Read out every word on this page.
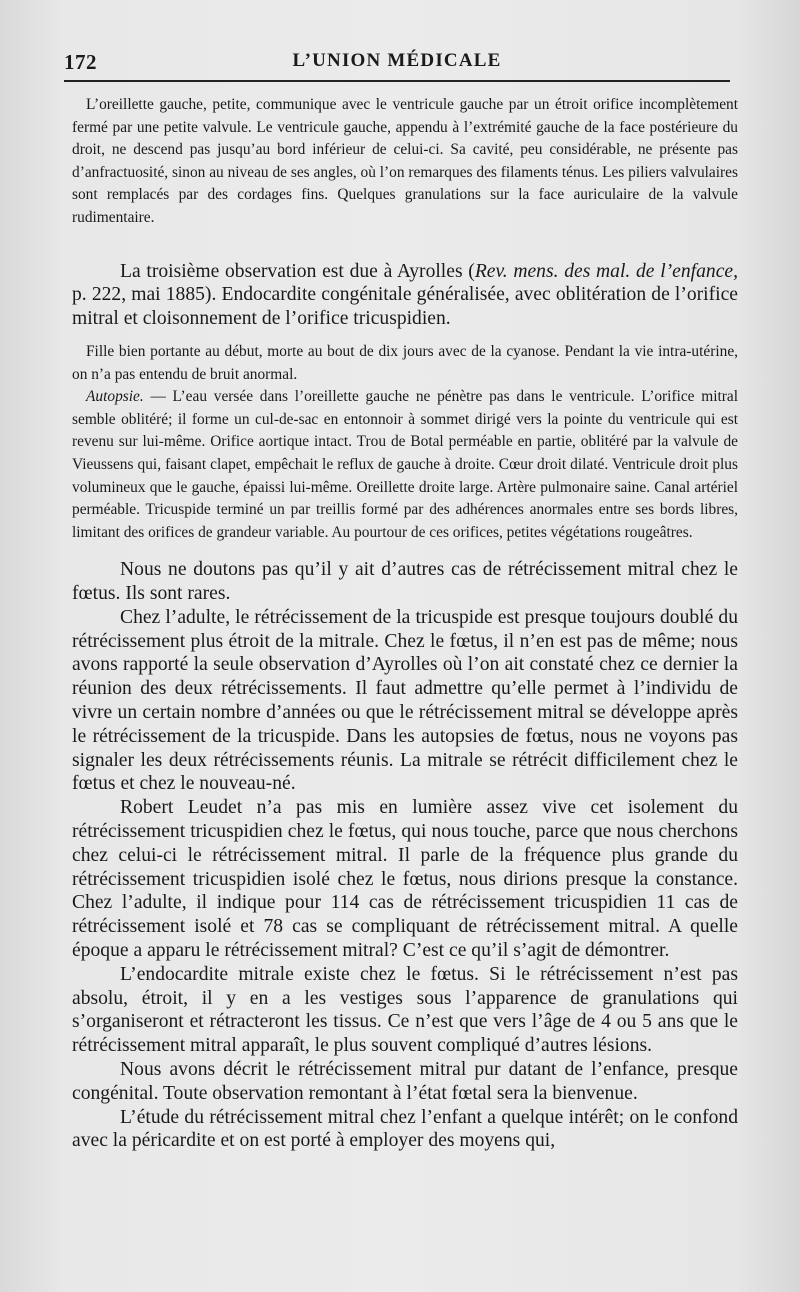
172	L’UNION MÉDICALE

L’oreillette gauche, petite, communique avec le ventricule gauche par un étroit orifice incomplètement fermé par une petite valvule. Le ventricule gauche, appendu à l’extrémité gauche de la face postérieure du droit, ne descend pas jusqu’au bord inférieur de celui-ci. Sa cavité, peu considérable, ne présente pas d’anfractuosité, sinon au niveau de ses angles, où l’on remarques des filaments ténus. Les piliers valvulaires sont remplacés par des cordages fins. Quelques granulations sur la face auriculaire de la valvule rudimentaire.

La troisième observation est due à Ayrolles (Rev. mens. des mal. de l’enfance, p. 222, mai 1885). Endocardite congénitale généralisée, avec oblitération de l’orifice mitral et cloisonnement de l’orifice tricuspidien.

Fille bien portante au début, morte au bout de dix jours avec de la cyanose. Pendant la vie intra-utérine, on n’a pas entendu de bruit anormal.

Autopsie. — L’eau versée dans l’oreillette gauche ne pénètre pas dans le ventricule. L’orifice mitral semble oblitéré; il forme un cul-de-sac en entonnoir à sommet dirigé vers la pointe du ventricule qui est revenu sur lui-même. Orifice aortique intact. Trou de Botal perméable en partie, oblitéré par la valvule de Vieussens qui, faisant clapet, empêchait le reflux de gauche à droite. Cœur droit dilaté. Ventricule droit plus volumineux que le gauche, épaissi lui-même. Oreillette droite large. Artère pulmonaire saine. Canal artériel perméable. Tricuspide terminé un par treillis formé par des adhérences anormales entre ses bords libres, limitant des orifices de grandeur variable. Au pourtour de ces orifices, petites végétations rougeâtres.

Nous ne doutons pas qu’il y ait d’autres cas de rétrécissement mitral chez le fœtus. Ils sont rares.

Chez l’adulte, le rétrécissement de la tricuspide est presque toujours doublé du rétrécissement plus étroit de la mitrale. Chez le fœtus, il n’en est pas de même; nous avons rapporté la seule observation d’Ayrolles où l’on ait constaté chez ce dernier la réunion des deux rétrécissements. Il faut admettre qu’elle permet à l’individu de vivre un certain nombre d’années ou que le rétrécissement mitral se développe après le rétrécissement de la tricuspide. Dans les autopsies de fœtus, nous ne voyons pas signaler les deux rétrécissements réunis. La mitrale se rétrécit difficilement chez le fœtus et chez le nouveau-né.

Robert Leudet n’a pas mis en lumière assez vive cet isolement du rétrécissement tricuspidien chez le fœtus, qui nous touche, parce que nous cherchons chez celui-ci le rétrécissement mitral. Il parle de la fréquence plus grande du rétrécissement tricuspidien isolé chez le fœtus, nous dirions presque la constance. Chez l’adulte, il indique pour 114 cas de rétrécissement tricuspidien 11 cas de rétrécissement isolé et 78 cas se compliquant de rétrécissement mitral. A quelle époque a apparu le rétrécissement mitral? C’est ce qu’il s’agit de démontrer.

L’endocardite mitrale existe chez le fœtus. Si le rétrécissement n’est pas absolu, étroit, il y en a les vestiges sous l’apparence de granulations qui s’organiseront et rétracteront les tissus. Ce n’est que vers l’âge de 4 ou 5 ans que le rétrécissement mitral apparaît, le plus souvent compliqué d’autres lésions.

Nous avons décrit le rétrécissement mitral pur datant de l’enfance, presque congénital. Toute observation remontant à l’état fœtal sera la bienvenue.

L’étude du rétrécissement mitral chez l’enfant a quelque intérêt; on le confond avec la péricardite et on est porté à employer des moyens qui,
